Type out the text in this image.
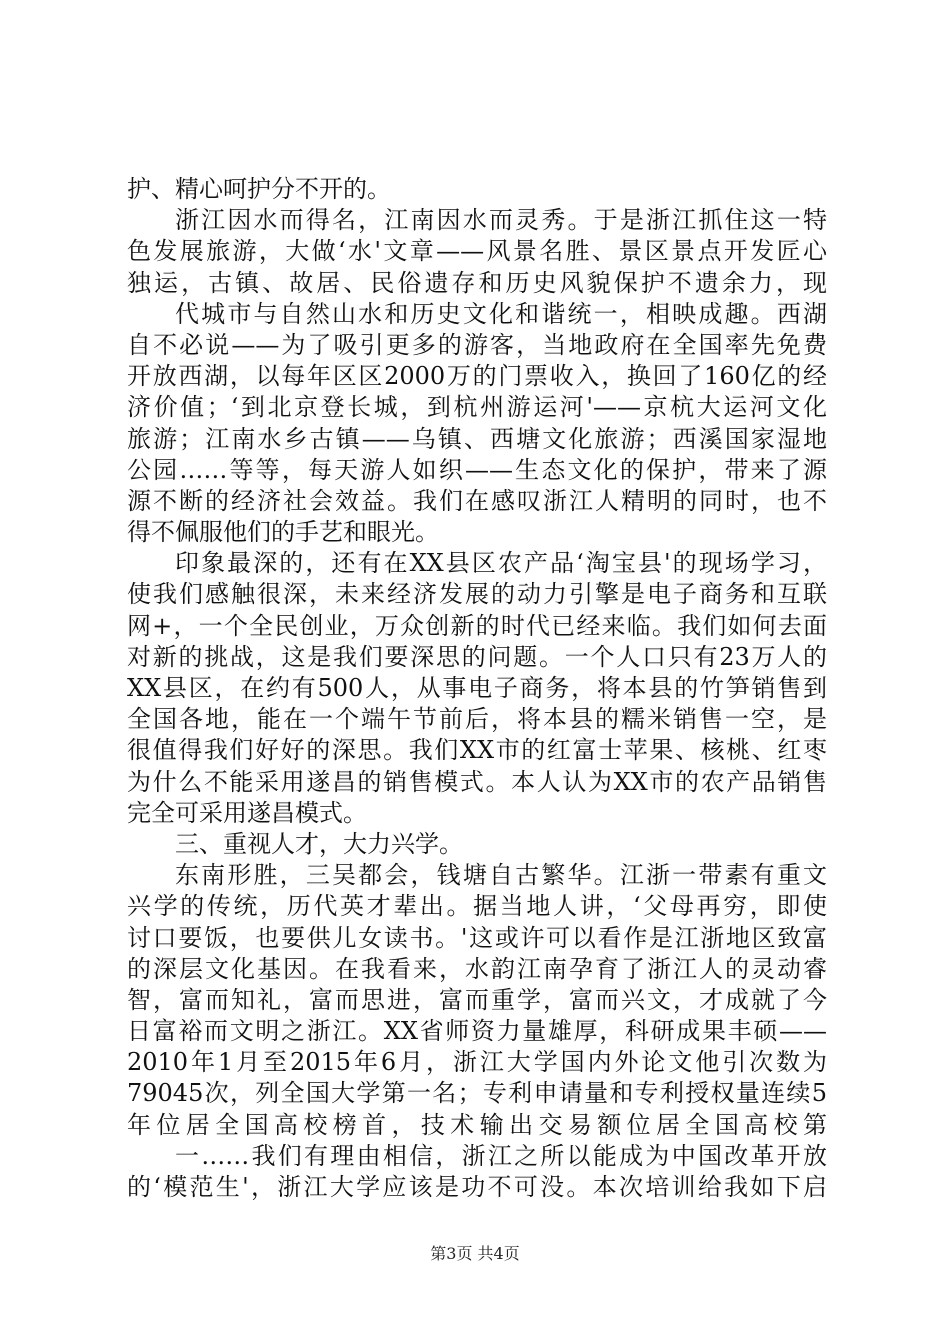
护、精心呵护分不开的。
浙江因水而得名，江南因水而灵秀。于是浙江抓住这一特
色发展旅游，大做‘水'文章——风景名胜、景区景点开发匠心
独运，古镇、故居、民俗遗存和历史风貌保护不遗余力，现
代城市与自然山水和历史文化和谐统一，相映成趣。西湖
自不必说——为了吸引更多的游客，当地政府在全国率先免费
开放西湖，以每年区区2000万的门票收入，换回了160亿的经
济价值；‘到北京登长城，到杭州游运河'——京杭大运河文化
旅游；江南水乡古镇——乌镇、西塘文化旅游；西溪国家湿地
公园……等等，每天游人如织——生态文化的保护，带来了源
源不断的经济社会效益。我们在感叹浙江人精明的同时，也不
得不佩服他们的手艺和眼光。
印象最深的，还有在XX县区农产品‘淘宝县'的现场学习，
使我们感触很深，未来经济发展的动力引擎是电子商务和互联
网+，一个全民创业，万众创新的时代已经来临。我们如何去面
对新的挑战，这是我们要深思的问题。一个人口只有23万人的
XX县区，在约有500人，从事电子商务，将本县的竹笋销售到
全国各地，能在一个端午节前后，将本县的糯米销售一空，是
很值得我们好好的深思。我们XX市的红富士苹果、核桃、红枣
为什么不能采用遂昌的销售模式。本人认为XX市的农产品销售
完全可采用遂昌模式。
三、重视人才，大力兴学。
东南形胜，三吴都会，钱塘自古繁华。江浙一带素有重文
兴学的传统，历代英才辈出。据当地人讲，‘父母再穷，即使
讨口要饭，也要供儿女读书。'这或许可以看作是江浙地区致富
的深层文化基因。在我看来，水韵江南孕育了浙江人的灵动睿
智，富而知礼，富而思进，富而重学，富而兴文，才成就了今
日富裕而文明之浙江。XX省师资力量雄厚，科研成果丰硕——
2010年1月至2015年6月，浙江大学国内外论文他引次数为
79045次，列全国大学第一名；专利申请量和专利授权量连续5
年位居全国高校榜首，技术输出交易额位居全国高校第
一……我们有理由相信，浙江之所以能成为中国改革开放
的‘模范生'，浙江大学应该是功不可没。本次培训给我如下启
第3页 共4页
